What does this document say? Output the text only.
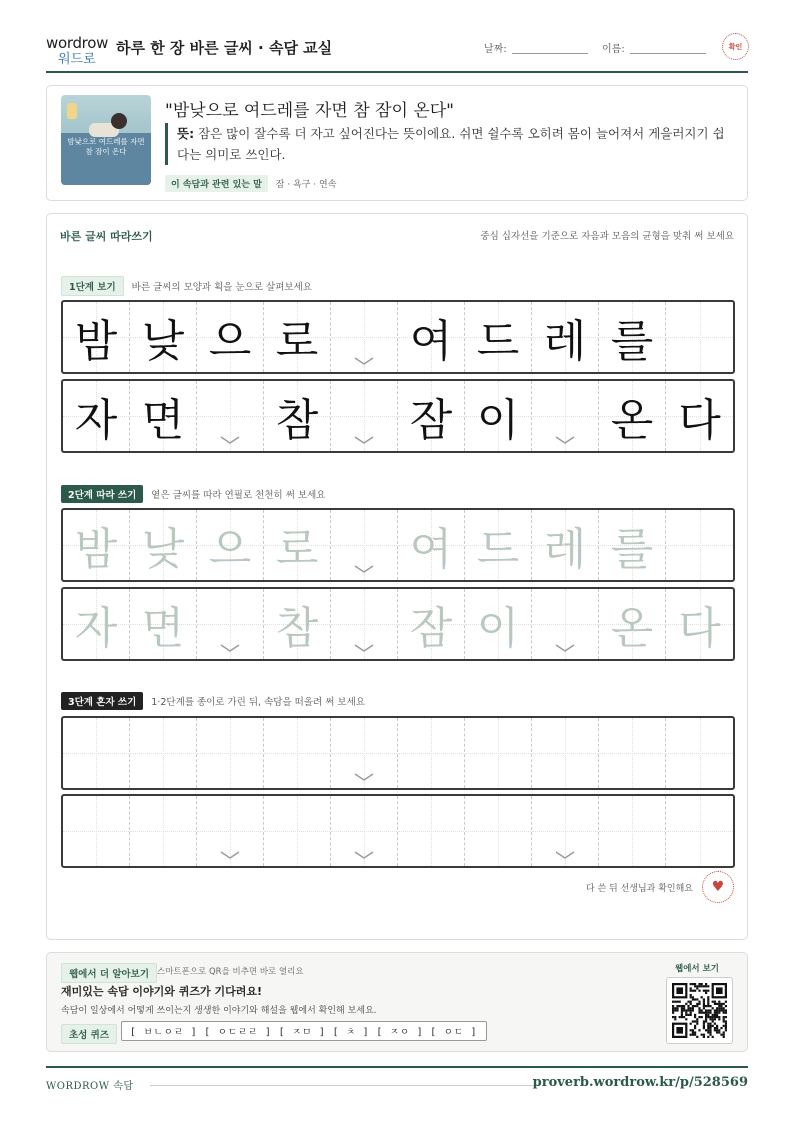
wordrow
워드로
하루 한 장 바른 글씨 · 속담 교실	날짜:	이름:	확인
밤낮으로 여드레를 자면 참 잠이 온다
"밤낮으로 여드레를 자면 참 잠이 온다"
뜻: 잠은 많이 잘수록 더 자고 싶어진다는 뜻이에요. 쉬면 쉴수록 오히려 몸이 늘어져서 게을러지기 쉽다는 의미로 쓰인다.
이 속담과 관련 있는 말	잠 · 욕구 · 연속
바른 글씨 따라쓰기	중심 십자선을 기준으로 자음과 모음의 균형을 맞춰 써 보세요
1단계 보기	바른 글씨의 모양과 획을 눈으로 살펴보세요
밤 낮 으 로 여 드 레 를
자 면 참 잠 이 온 다
2단계 따라 쓰기	옅은 글씨를 따라 연필로 천천히 써 보세요
밤 낮 으 로 여 드 레 를
자 면 참 잠 이 온 다
3단계 혼자 쓰기	1·2단계를 종이로 가린 뒤, 속담을 떠올려 써 보세요
다 쓴 뒤 선생님과 확인해요	♥
웹에서 더 알아보기 스마트폰으로 QR을 비추면 바로 열리요
재미있는 속담 이야기와 퀴즈가 기다려요!
속담이 일상에서 어떻게 쓰이는지 생생한 이야기와 해설을 웹에서 확인해 보세요.
초성 퀴즈	[ ㅂㄴㅇㄹ ] [ ㅇㄷㄹㄹ ] [ ㅈㅁ ] [ ㅊ ] [ ㅈㅇ ] [ ㅇㄷ ]
웹에서 보기
WORDROW 속담	proverb.wordrow.kr/p/528569
